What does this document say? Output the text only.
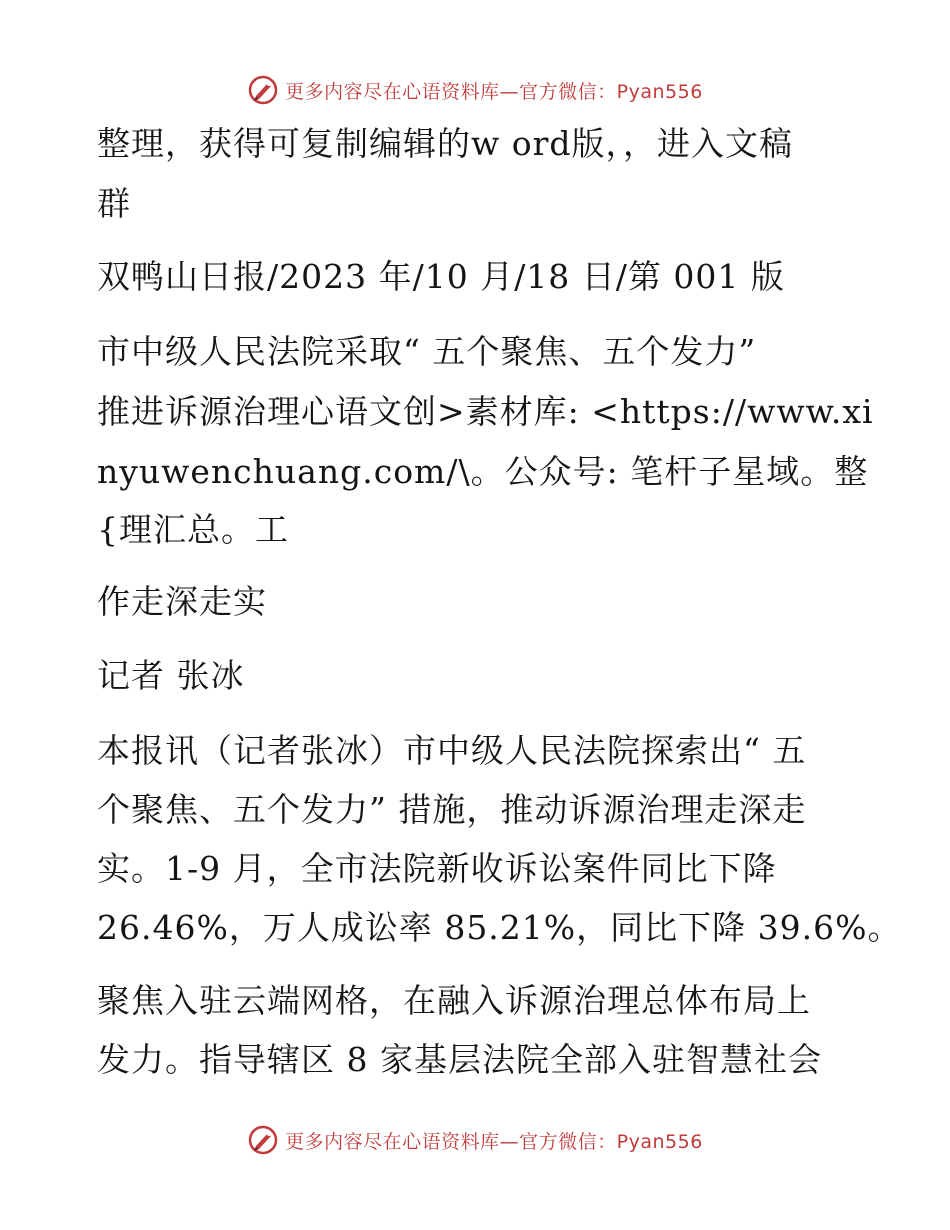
更多内容尽在心语资料库—官方微信：Pyan556
整理，获得可复制编辑的w ord版，，进入文稿
群
双鸭山日报/2023 年/10 月/18 日/第 001 版
市中级人民法院采取“ 五个聚焦、五个发力”
推进诉源治理心语文创>素材库: <https://www.xi
nyuwenchuang.com/\。公众号: 笔杆子星域。整
{理汇总。工
作走深走实
记者 张冰
本报讯（记者张冰）市中级人民法院探索出“ 五
个聚焦、五个发力” 措施，推动诉源治理走深走
实。1-9 月，全市法院新收诉讼案件同比下降
26.46%，万人成讼率 85.21%，同比下降 39.6%。
聚焦入驻云端网格，在融入诉源治理总体布局上
发力。指导辖区 8 家基层法院全部入驻智慧社会
更多内容尽在心语资料库—官方微信：Pyan556
